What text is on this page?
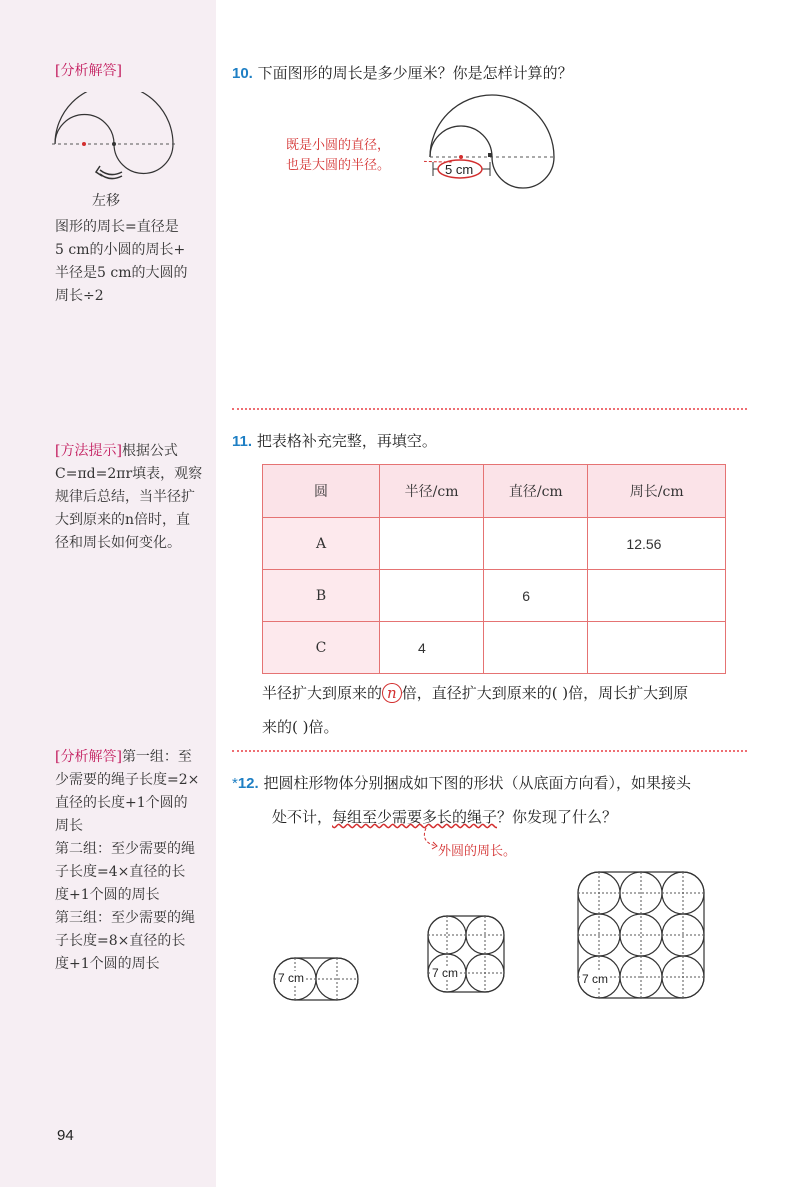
[分析解答]
左移
图形的周长=直径是
5 cm的小圆的周长+
半径是5 cm的大圆的
周长÷2
[方法提示]根据公式
C=πd=2πr填表，观察
规律后总结，当半径扩
大到原来的n倍时，直
径和周长如何变化。
[分析解答]第一组：至
少需要的绳子长度=2×
直径的长度+1个圆的
周长
第二组：至少需要的绳
子长度=4×直径的长
度+1个圆的周长
第三组：至少需要的绳
子长度=8×直径的长
度+1个圆的周长
10. 下面图形的周长是多少厘米？你是怎样计算的？
既是小圆的直径，
也是大圆的半径。	5 cm
11. 把表格补充完整，再填空。
圆	半径/cm	直径/cm	周长/cm
A			12.56
B		6	
C	4		
半径扩大到原来的 n 倍，直径扩大到原来的( )倍，周长扩大到原
来的( )倍。
*12. 把圆柱形物体分别捆成如下图的形状（从底面方向看），如果接头
处不计，每组至少需要多长的绳子？你发现了什么？
外圆的周长。
7 cm	7 cm	7 cm
94
